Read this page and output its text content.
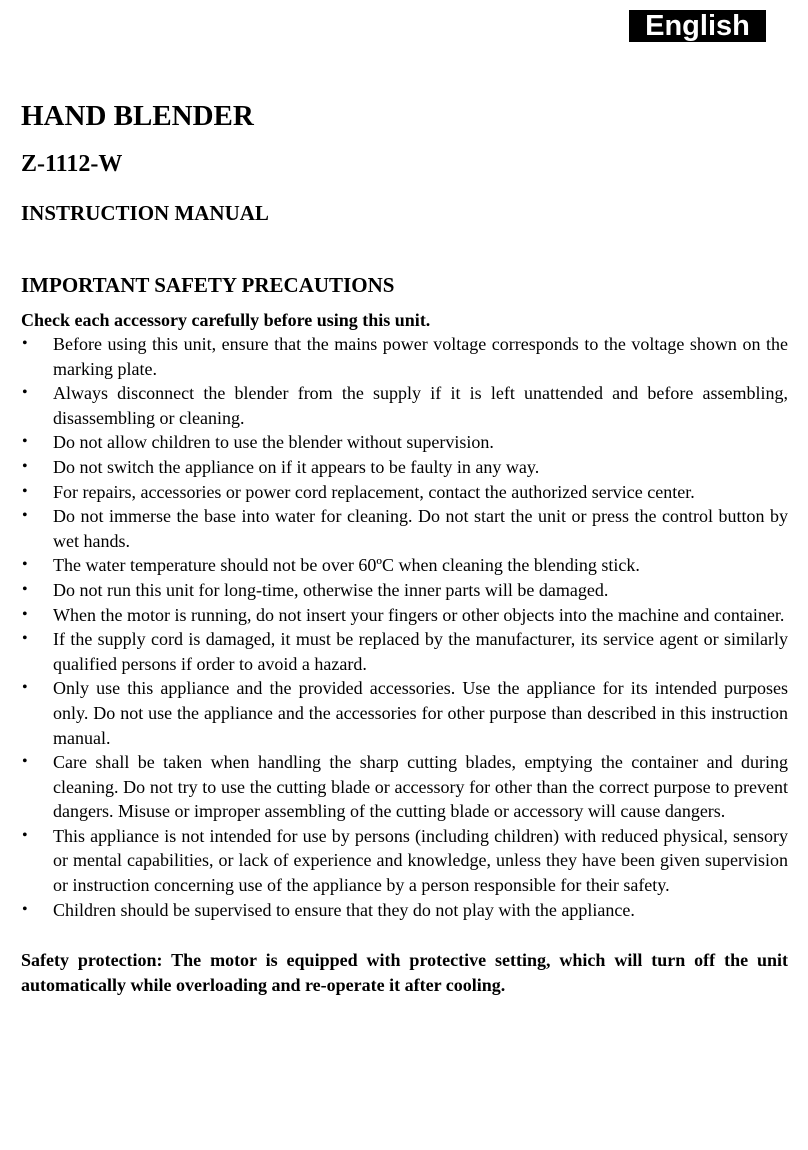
English
HAND BLENDER
Z-1112-W
INSTRUCTION MANUAL
IMPORTANT SAFETY PRECAUTIONS

Check each accessory carefully before using this unit.

• Before using this unit, ensure that the mains power voltage corresponds to the voltage shown on the marking plate.
• Always disconnect the blender from the supply if it is left unattended and before assembling, disassembling or cleaning.
• Do not allow children to use the blender without supervision.
• Do not switch the appliance on if it appears to be faulty in any way.
• For repairs, accessories or power cord replacement, contact the authorized service center.
• Do not immerse the base into water for cleaning. Do not start the unit or press the control button by wet hands.
• The water temperature should not be over 60ºC when cleaning the blending stick.
• Do not run this unit for long-time, otherwise the inner parts will be damaged.
• When the motor is running, do not insert your fingers or other objects into the machine and container.
• If the supply cord is damaged, it must be replaced by the manufacturer, its service agent or similarly qualified persons if order to avoid a hazard.
• Only use this appliance and the provided accessories. Use the appliance for its intended purposes only. Do not use the appliance and the accessories for other purpose than described in this instruction manual.
• Care shall be taken when handling the sharp cutting blades, emptying the container and during cleaning. Do not try to use the cutting blade or accessory for other than the correct purpose to prevent dangers. Misuse or improper assembling of the cutting blade or accessory will cause dangers.
• This appliance is not intended for use by persons (including children) with reduced physical, sensory or mental capabilities, or lack of experience and knowledge, unless they have been given supervision or instruction concerning use of the appliance by a person responsible for their safety.
• Children should be supervised to ensure that they do not play with the appliance.

Safety protection: The motor is equipped with protective setting, which will turn off the unit automatically while overloading and re-operate it after cooling.
